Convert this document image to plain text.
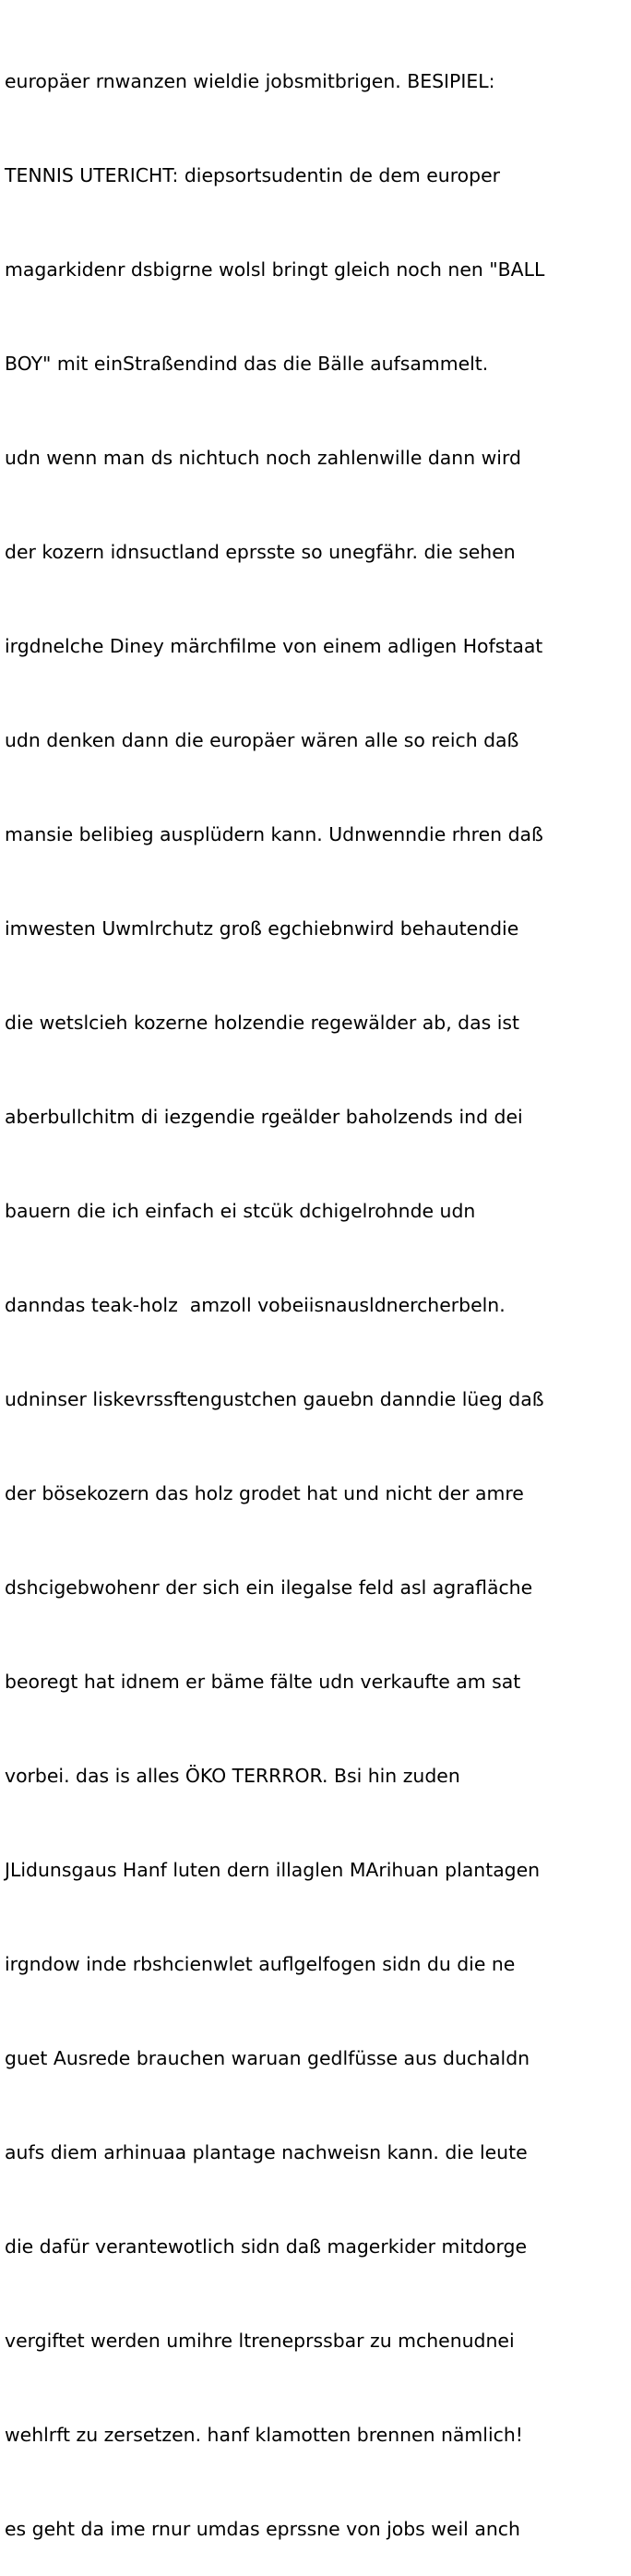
europäer rnwanzen wieldie jobsmitbrigen. BESIPIEL:

TENNIS UTERICHT: diepsortsudentin de dem europer

magarkidenr dsbigrne wolsl bringt gleich noch nen "BALL

BOY" mit einStraßendind das die Bälle aufsammelt.

udn wenn man ds nichtuch noch zahlenwille dann wird

der kozern idnsuctland eprsste so unegfähr. die sehen

irgdnelche Diney märchfilme von einem adligen Hofstaat

udn denken dann die europäer wären alle so reich daß

mansie belibieg ausplüdern kann. Udnwenndie rhren daß

imwesten Uwmlrchutz groß egchiebnwird behautendie

die wetslcieh kozerne holzendie regewälder ab, das ist

aberbullchitm di iezgendie rgeälder baholzends ind dei

bauern die ich einfach ei stcük dchigelrohnde udn

danndas teak-holz  amzoll vobeiisnausldnercherbeln.

udninser liskevrssftengustchen gauebn danndie lüeg daß

der bösekozern das holz grodet hat und nicht der amre

dshcigebwohenr der sich ein ilegalse feld asl agrafläche

beoregt hat idnem er bäme fälte udn verkaufte am sat

vorbei. das is alles ÖKO TERRROR. Bsi hin zuden

JLidunsgaus Hanf luten dern illaglen MArihuan plantagen

irgndow inde rbshcienwlet auflgelfogen sidn du die ne

guet Ausrede brauchen waruan gedlfüsse aus duchaldn

aufs diem arhinuaa plantage nachweisn kann. die leute

die dafür verantewotlich sidn daß magerkider mitdorge

vergiftet werden umihre ltreneprssbar zu mchenudnei

wehlrft zu zersetzen. hanf klamotten brennen nämlich!

es geht da ime rnur umdas eprssne von jobs weil anch
